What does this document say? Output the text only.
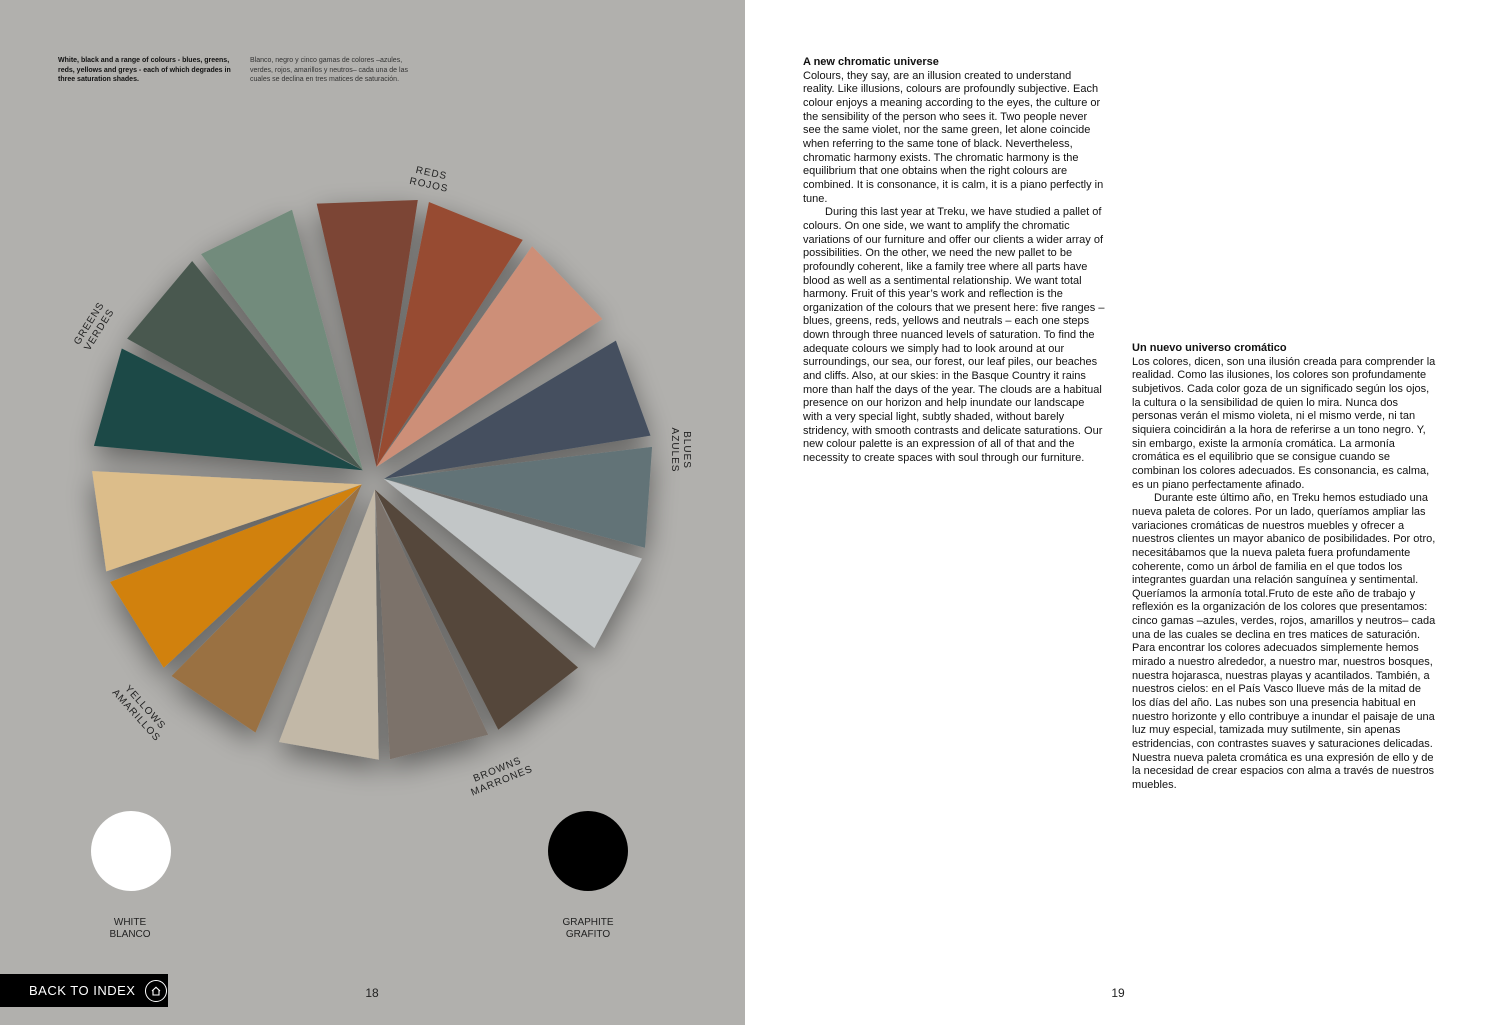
White, black and a range of colours - blues, greens, reds, yellows and greys - each of which degrades in three saturation shades.
Blanco, negro y cinco gamas de colores –azules, verdes, rojos, amarillos y neutros– cada una de las cuales se declina en tres matices de saturación.
REDS
ROJOS
GREENS
VERDES
BLUES
AZULES
YELLOWS
AMARILLOS
BROWNS
MARRONES
WHITE
BLANCO
GRAPHITE
GRAFITO
BACK TO INDEX	18
A new chromatic universe

Colours, they say, are an illusion created to understand reality. Like illusions, colours are profoundly subjective. Each colour enjoys a meaning according to the eyes, the culture or the sensibility of the person who sees it. Two people never see the same violet, nor the same green, let alone coincide when referring to the same tone of black. Nevertheless, chromatic harmony exists. The chromatic harmony is the equilibrium that one obtains when the right colours are combined. It is consonance, it is calm, it is a piano perfectly in tune.

During this last year at Treku, we have studied a pallet of colours. On one side, we want to amplify the chromatic variations of our furniture and offer our clients a wider array of possibilities. On the other, we need the new pallet to be profoundly coherent, like a family tree where all parts have blood as well as a sentimental relationship. We want total harmony. Fruit of this year’s work and reflection is the organization of the colours that we present here: five ranges – blues, greens, reds, yellows and neutrals – each one steps down through three nuanced levels of saturation. To find the adequate colours we simply had to look around at our surroundings, our sea, our forest, our leaf piles, our beaches and cliffs. Also, at our skies: in the Basque Country it rains more than half the days of the year. The clouds are a habitual presence on our horizon and help inundate our landscape with a very special light, subtly shaded, without barely stridency, with smooth contrasts and delicate saturations. Our new colour palette is an expression of all of that and the necessity to create spaces with soul through our furniture.

Un nuevo universo cromático

Los colores, dicen, son una ilusión creada para comprender la realidad. Como las ilusiones, los colores son profundamente subjetivos. Cada color goza de un significado según los ojos, la cultura o la sensibilidad de quien lo mira. Nunca dos personas verán el mismo violeta, ni el mismo verde, ni tan siquiera coincidirán a la hora de referirse a un tono negro. Y, sin embargo, existe la armonía cromática. La armonía cromática es el equilibrio que se consigue cuando se combinan los colores adecuados. Es consonancia, es calma, es un piano perfectamente afinado.

Durante este último año, en Treku hemos estudiado una nueva paleta de colores. Por un lado, queríamos ampliar las variaciones cromáticas de nuestros muebles y ofrecer a nuestros clientes un mayor abanico de posibilidades. Por otro, necesitábamos que la nueva paleta fuera profundamente coherente, como un árbol de familia en el que todos los integrantes guardan una relación sanguínea y sentimental. Queríamos la armonía total.Fruto de este año de trabajo y reflexión es la organización de los colores que presentamos: cinco gamas –azules, verdes, rojos, amarillos y neutros– cada una de las cuales se declina en tres matices de saturación. Para encontrar los colores adecuados simplemente hemos mirado a nuestro alrededor, a nuestro mar, nuestros bosques, nuestra hojarasca, nuestras playas y acantilados. También, a nuestros cielos: en el País Vasco llueve más de la mitad de los días del año. Las nubes son una presencia habitual en nuestro horizonte y ello contribuye a inundar el paisaje de una luz muy especial, tamizada muy sutilmente, sin apenas estridencias, con contrastes suaves y saturaciones delicadas. Nuestra nueva paleta cromática es una expresión de ello y de la necesidad de crear espacios con alma a través de nuestros muebles.

19
